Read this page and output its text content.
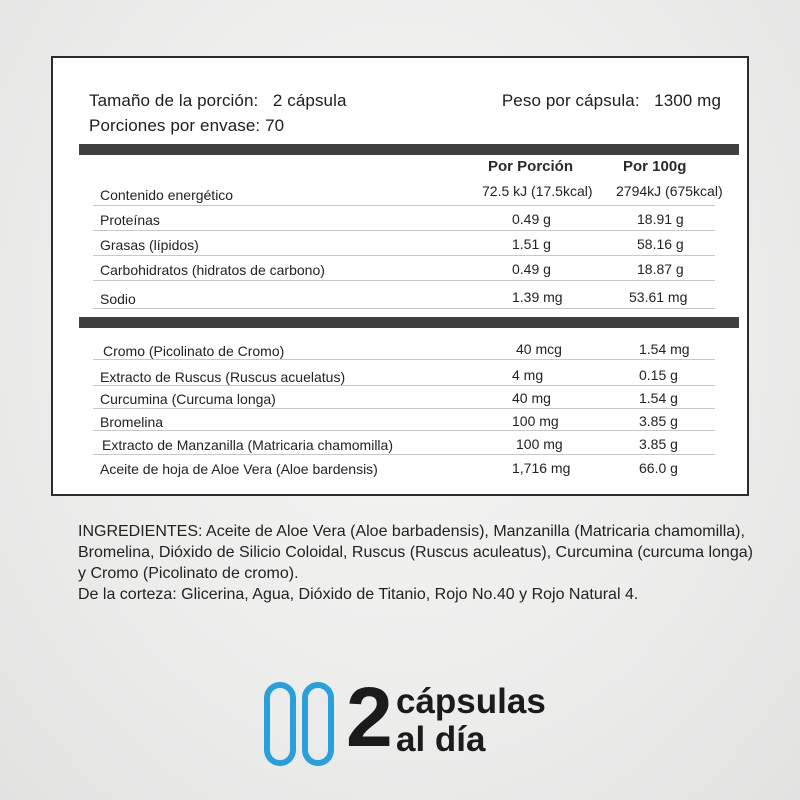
Tamaño de la porción: 2 cápsula
Porciones por envase: 70
Peso por cápsula: 1300 mg
Por Porción	Por 100g
Contenido energético	72.5 kJ (17.5kcal) 2794kJ (675kcal)
Proteínas	0.49 g	18.91 g
Grasas (lípidos)	1.51 g	58.16 g
Carbohidratos (hidratos de carbono)	0.49 g	18.87 g
Sodio	1.39 mg	53.61 mg
Cromo (Picolinato de Cromo)	40 mcg	1.54 mg
Extracto de Ruscus (Ruscus acuelatus)	4 mg	0.15 g
Curcumina (Curcuma longa)	40 mg	1.54 g
Bromelina	100 mg	3.85 g
Extracto de Manzanilla (Matricaria chamomilla)	100 mg	3.85 g
Aceite de hoja de Aloe Vera (Aloe bardensis)	1,716 mg	66.0 g

INGREDIENTES: Aceite de Aloe Vera (Aloe barbadensis), Manzanilla (Matricaria chamomilla), Bromelina, Dióxido de Silicio Coloidal, Ruscus (Ruscus aculeatus), Curcumina (curcuma longa) y Cromo (Picolinato de cromo).

De la corteza: Glicerina, Agua, Dióxido de Titanio, Rojo No.40 y Rojo Natural 4.

2 cápsulas
al día
